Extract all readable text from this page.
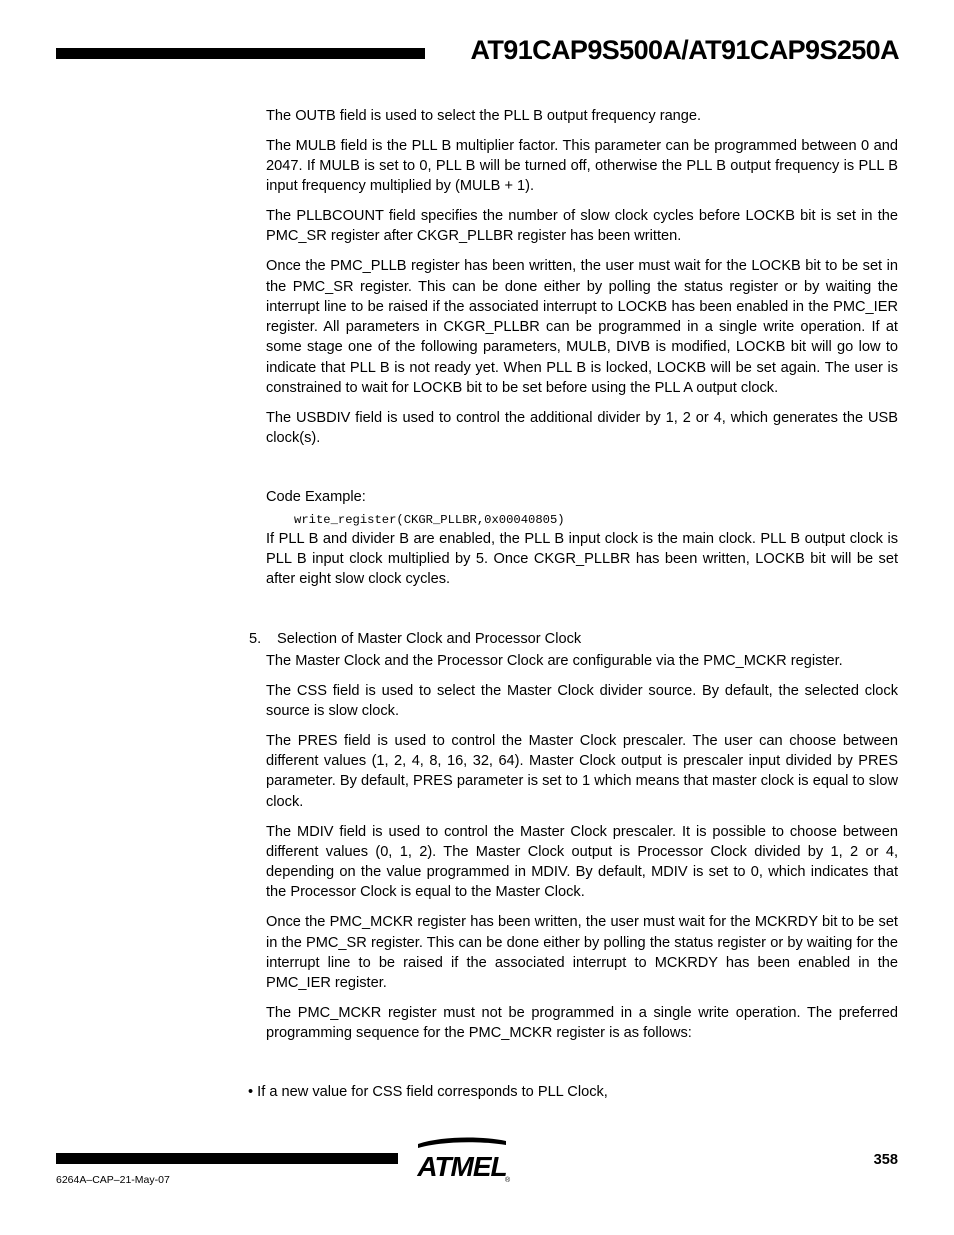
AT91CAP9S500A/AT91CAP9S250A

The OUTB field is used to select the PLL B output frequency range.

The MULB field is the PLL B multiplier factor. This parameter can be programmed between 0 and 2047. If MULB is set to 0, PLL B will be turned off, otherwise the PLL B output frequency is PLL B input frequency multiplied by (MULB + 1).

The PLLBCOUNT field specifies the number of slow clock cycles before LOCKB bit is set in the PMC_SR register after CKGR_PLLBR register has been written.

Once the PMC_PLLB register has been written, the user must wait for the LOCKB bit to be set in the PMC_SR register. This can be done either by polling the status register or by waiting the interrupt line to be raised if the associated interrupt to LOCKB has been enabled in the PMC_IER register. All parameters in CKGR_PLLBR can be programmed in a single write operation. If at some stage one of the following parameters, MULB, DIVB is modified, LOCKB bit will go low to indicate that PLL B is not ready yet. When PLL B is locked, LOCKB will be set again. The user is constrained to wait for LOCKB bit to be set before using the PLL A output clock.

The USBDIV field is used to control the additional divider by 1, 2 or 4, which generates the USB clock(s).

Code Example:

write_register(CKGR_PLLBR,0x00040805)

If PLL B and divider B are enabled, the PLL B input clock is the main clock. PLL B output clock is PLL B input clock multiplied by 5. Once CKGR_PLLBR has been written, LOCKB bit will be set after eight slow clock cycles.

5. Selection of Master Clock and Processor Clock

The Master Clock and the Processor Clock are configurable via the PMC_MCKR register.

The CSS field is used to select the Master Clock divider source. By default, the selected clock source is slow clock.

The PRES field is used to control the Master Clock prescaler. The user can choose between different values (1, 2, 4, 8, 16, 32, 64). Master Clock output is prescaler input divided by PRES parameter. By default, PRES parameter is set to 1 which means that master clock is equal to slow clock.

The MDIV field is used to control the Master Clock prescaler. It is possible to choose between different values (0, 1, 2). The Master Clock output is Processor Clock divided by 1, 2 or 4, depending on the value programmed in MDIV. By default, MDIV is set to 0, which indicates that the Processor Clock is equal to the Master Clock.

Once the PMC_MCKR register has been written, the user must wait for the MCKRDY bit to be set in the PMC_SR register. This can be done either by polling the status register or by waiting for the interrupt line to be raised if the associated interrupt to MCKRDY has been enabled in the PMC_IER register.

The PMC_MCKR register must not be programmed in a single write operation. The preferred programming sequence for the PMC_MCKR register is as follows:

• If a new value for CSS field corresponds to PLL Clock,
6264A–CAP–21-May-07
358
ATMEL
®
